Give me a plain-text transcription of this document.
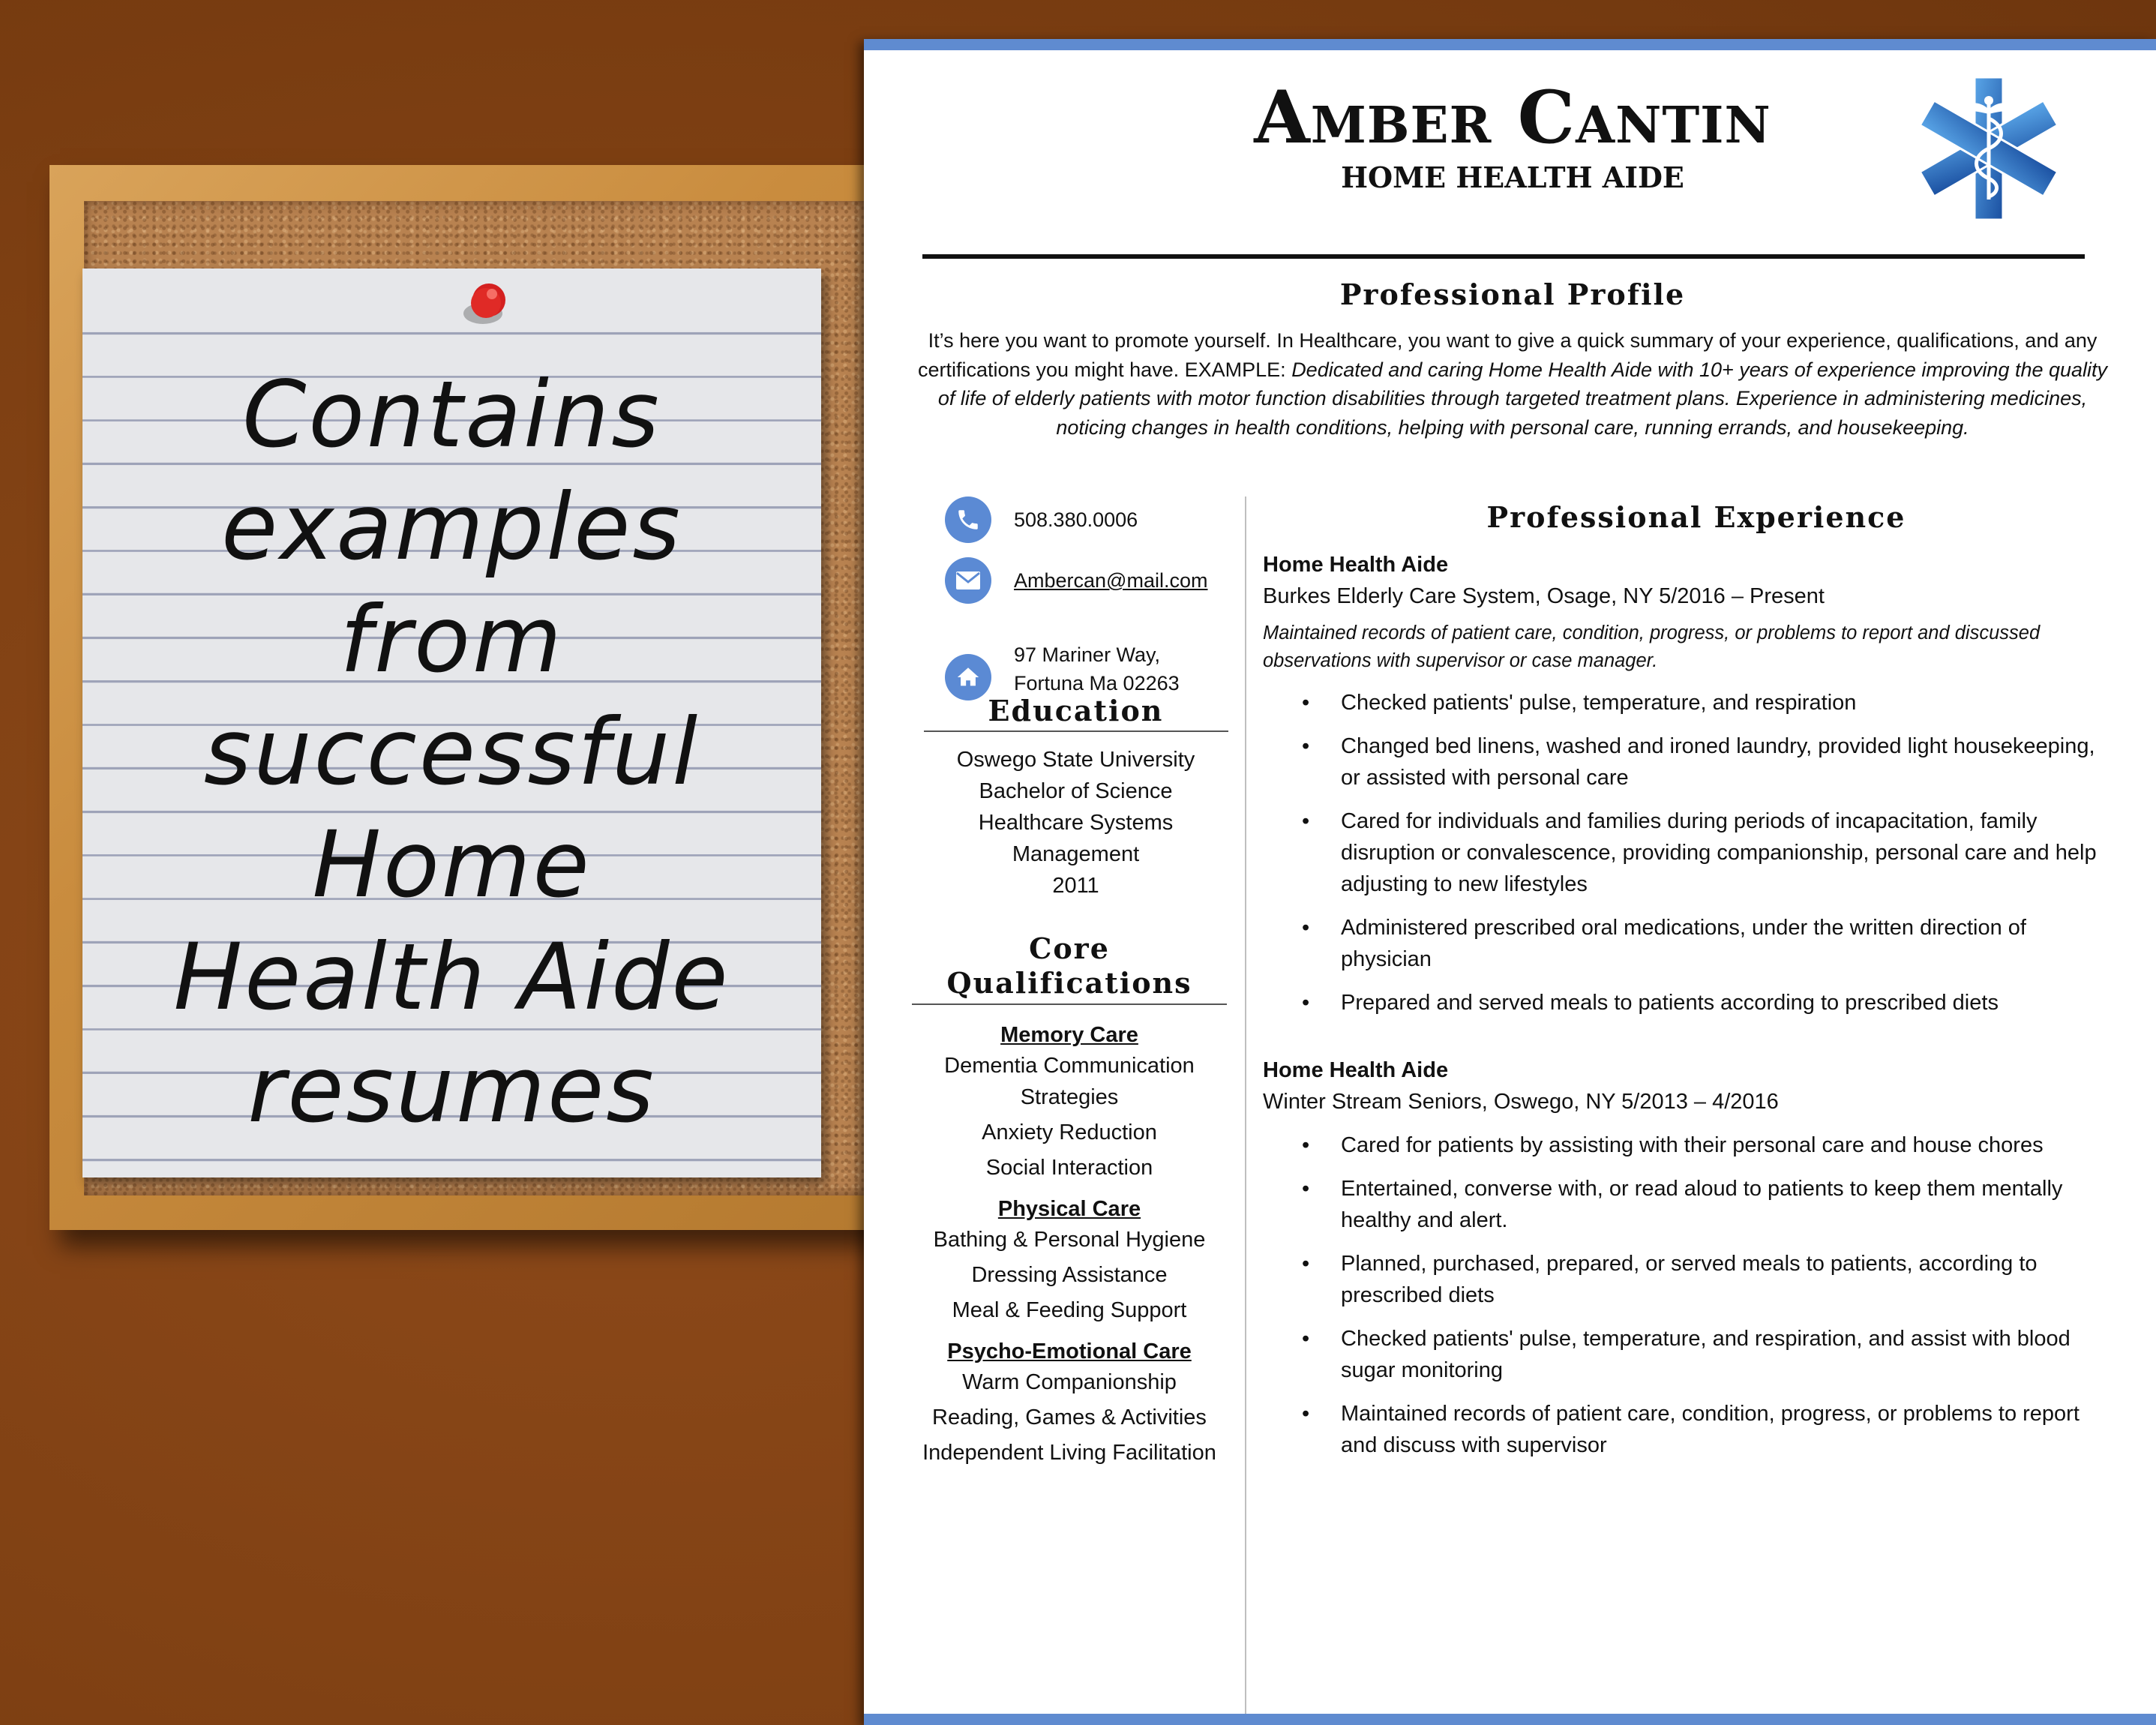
Contains
examples
from
successful
Home
Health Aide
resumes
Amber Cantin
HOME HEALTH AIDE
Professional Profile
It’s here you want to promote yourself. In Healthcare, you want to give a quick summary of your experience, qualifications, and any certifications you might have. EXAMPLE: Dedicated and caring Home Health Aide with 10+ years of experience improving the quality of life of elderly patients with motor function disabilities through targeted treatment plans. Experience in administering medicines, noticing changes in health conditions, helping with personal care, running errands, and housekeeping.
508.380.0006
Ambercan@mail.com
97 Mariner Way,
Fortuna Ma 02263
Education
Oswego State University
Bachelor of Science
Healthcare Systems
Management
2011
Core
Qualifications
Memory Care
Dementia Communication Strategies
Anxiety Reduction
Social Interaction
Physical Care
Bathing & Personal Hygiene
Dressing Assistance
Meal & Feeding Support
Psycho-Emotional Care
Warm Companionship
Reading, Games & Activities
Independent Living Facilitation
Professional Experience
Home Health Aide
Burkes Elderly Care System, Osage, NY 5/2016 – Present
Maintained records of patient care, condition, progress, or problems to report and discussed observations with supervisor or case manager.
• Checked patients' pulse, temperature, and respiration
• Changed bed linens, washed and ironed laundry, provided light housekeeping, or assisted with personal care
• Cared for individuals and families during periods of incapacitation, family disruption or convalescence, providing companionship, personal care and help adjusting to new lifestyles
• Administered prescribed oral medications, under the written direction of physician
• Prepared and served meals to patients according to prescribed diets
Home Health Aide
Winter Stream Seniors, Oswego, NY 5/2013 – 4/2016
• Cared for patients by assisting with their personal care and house chores
• Entertained, converse with, or read aloud to patients to keep them mentally healthy and alert.
• Planned, purchased, prepared, or served meals to patients, according to prescribed diets
• Checked patients' pulse, temperature, and respiration, and assist with blood sugar monitoring
• Maintained records of patient care, condition, progress, or problems to report and discuss with supervisor
